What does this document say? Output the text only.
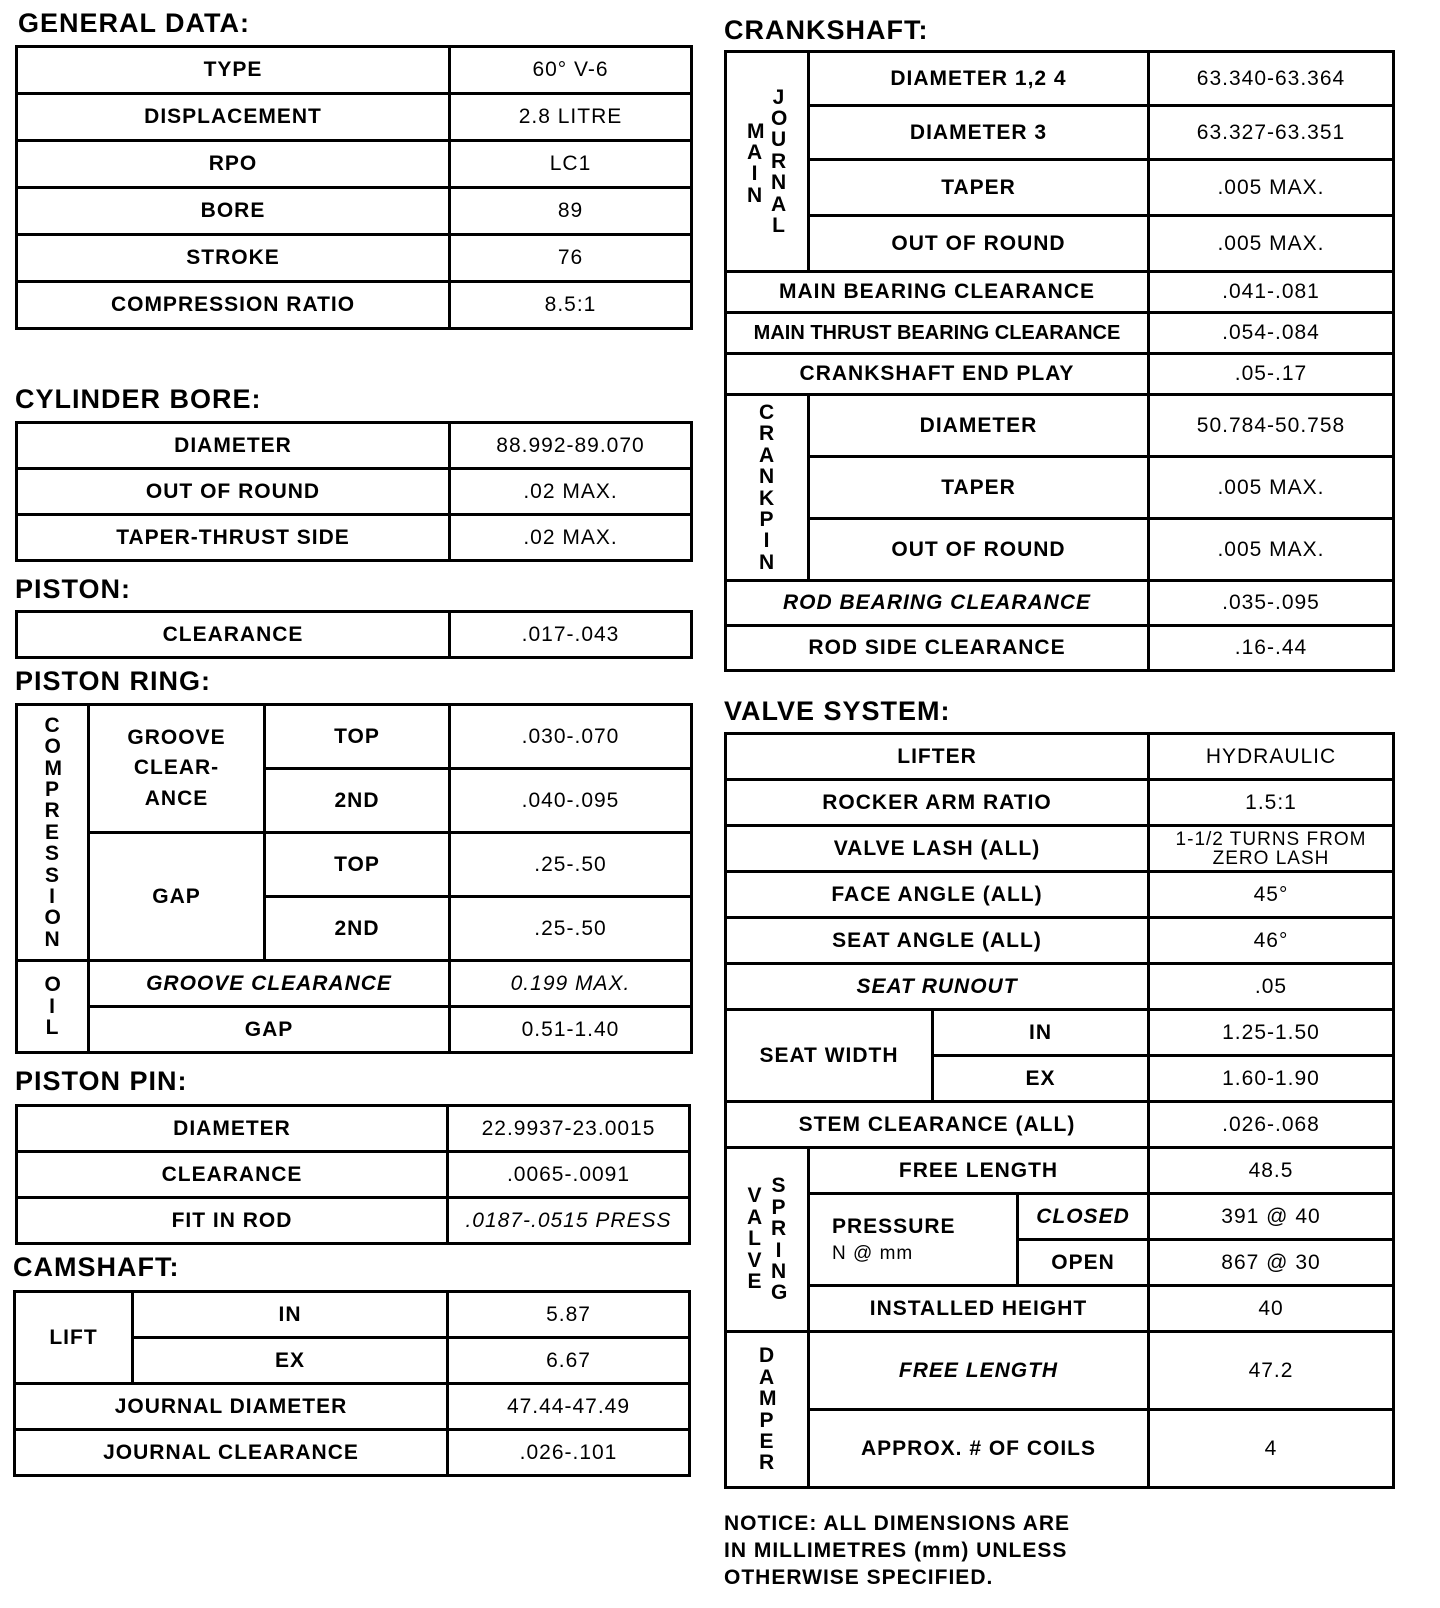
GENERAL DATA:
TYPE	60° V-6
DISPLACEMENT	2.8 LITRE
RPO	LC1
BORE	89
STROKE	76
COMPRESSION RATIO	8.5:1
CYLINDER BORE:
DIAMETER	88.992-89.070
OUT OF ROUND	.02 MAX.
TAPER-THRUST SIDE	.02 MAX.
PISTON:
CLEARANCE	.017-.043
PISTON RING:
COMPRESSION	GROOVE CLEAR- ANCE	TOP	.030-.070
		2ND	.040-.095
	GAP	TOP	.25-.50
		2ND	.25-.50
OIL	GROOVE CLEARANCE		0.199 MAX.
	GAP		0.51-1.40
PISTON PIN:
DIAMETER	22.9937-23.0015
CLEARANCE	.0065-.0091
FIT IN ROD	.0187-.0515 PRESS
CAMSHAFT:
LIFT	IN	5.87
	EX	6.67
JOURNAL DIAMETER		47.44-47.49
JOURNAL CLEARANCE		.026-.101
CRANKSHAFT:
MAIN
JOURNAL	DIAMETER 1,2 4	63.340-63.364
	DIAMETER 3	63.327-63.351
	TAPER	.005 MAX.
	OUT OF ROUND	.005 MAX.
MAIN BEARING CLEARANCE		.041-.081
MAIN THRUST BEARING CLEARANCE		.054-.084
CRANKSHAFT END PLAY		.05-.17
CRANKPIN	DIAMETER	50.784-50.758
	TAPER	.005 MAX.
	OUT OF ROUND	.005 MAX.
ROD BEARING CLEARANCE		.035-.095
ROD SIDE CLEARANCE		.16-.44
VALVE SYSTEM:
LIFTER				HYDRAULIC
ROCKER ARM RATIO				1.5:1
VALVE LASH (ALL)				1-1/2 TURNS FROM ZERO LASH
FACE ANGLE (ALL)				45°
SEAT ANGLE (ALL)				46°
SEAT RUNOUT				.05
SEAT WIDTH		IN		1.25-1.50
		EX		1.60-1.90
STEM CLEARANCE (ALL)				.026-.068

VALVE
SPRING	FREE LENGTH			48.5

	PRESSURE
N @ mm		CLOSED	391 @ 40
			OPEN	867 @ 30
	INSTALLED HEIGHT			40
DAMPER	FREE LENGTH			47.2
	APPROX. # OF COILS			4
NOTICE: ALL DIMENSIONS ARE
IN MILLIMETRES (mm) UNLESS
OTHERWISE SPECIFIED.
